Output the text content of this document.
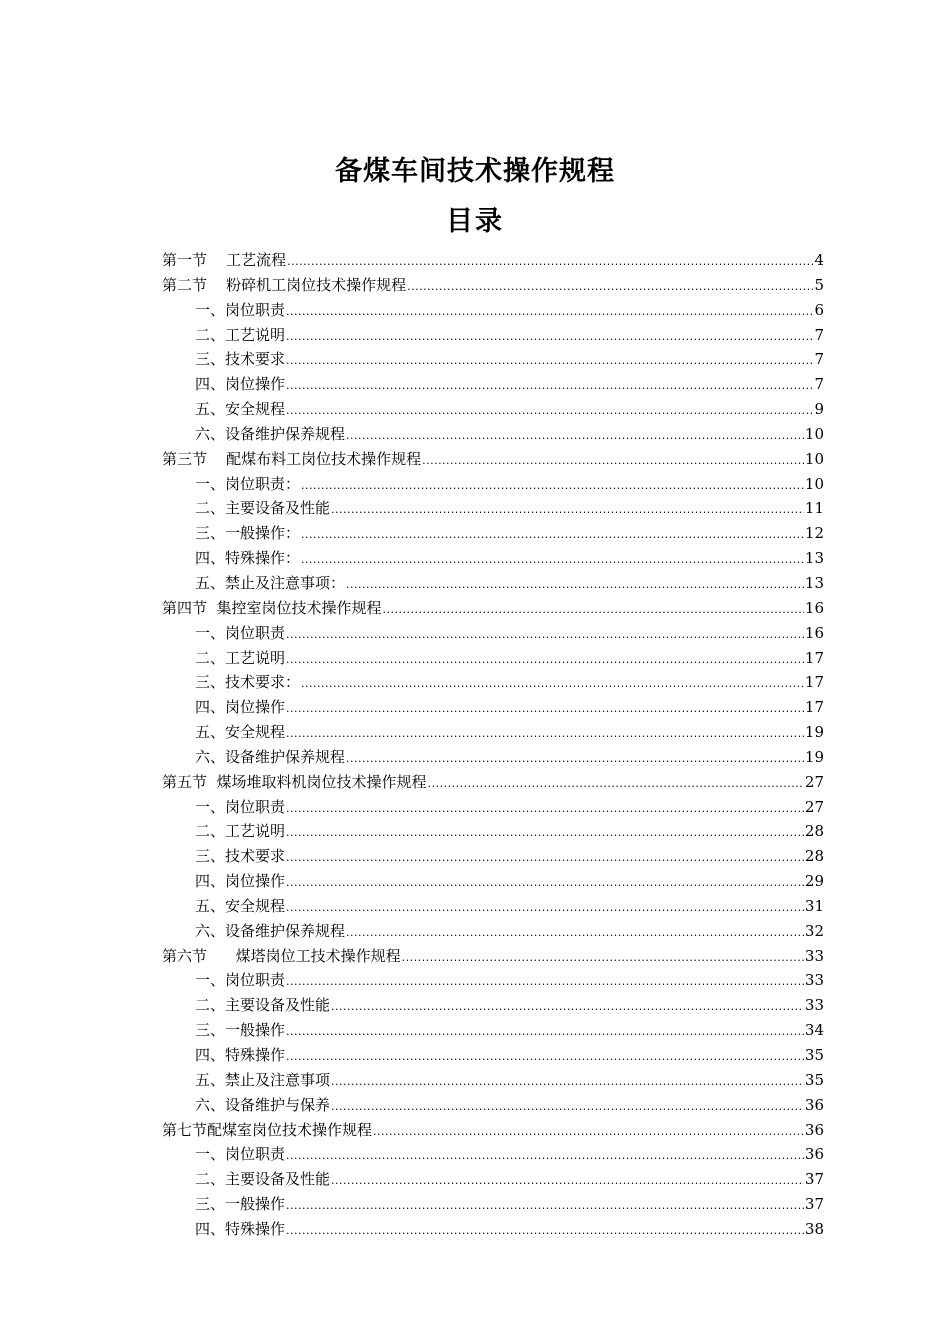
备煤车间技术操作规程
目录
第一节    工艺流程 .....	4
第二节    粉碎机工岗位技术操作规程 .....	5
一、岗位职责 .....	6
二、工艺说明 .....	7
三、技术要求 .....	7
四、岗位操作 .....	7
五、安全规程 .....	9
六、设备维护保养规程 .....	10
第三节    配煤布料工岗位技术操作规程 .....	10
一、岗位职责： .....	10
二、主要设备及性能 .....	11
三、一般操作： .....	12
四、特殊操作： .....	13
五、禁止及注意事项： .....	13
第四节  集控室岗位技术操作规程 .....	16
一、岗位职责 .....	16
二、工艺说明 .....	17
三、技术要求： .....	17
四、岗位操作 .....	17
五、安全规程 .....	19
六、设备维护保养规程 .....	19
第五节  煤场堆取料机岗位技术操作规程 .....	27
一、岗位职责 .....	27
二、工艺说明 .....	28
三、技术要求 .....	28
四、岗位操作 .....	29
五、安全规程 .....	31
六、设备维护保养规程 .....	32
第六节      煤塔岗位工技术操作规程 .....	33
一、岗位职责 .....	33
二、主要设备及性能 .....	33
三、一般操作 .....	34
四、特殊操作 .....	35
五、禁止及注意事项 .....	35
六、设备维护与保养 .....	36
第七节配煤室岗位技术操作规程 .....	36
一、岗位职责 .....	36
二、主要设备及性能 .....	37
三、一般操作 .....	37
四、特殊操作 .....	38
